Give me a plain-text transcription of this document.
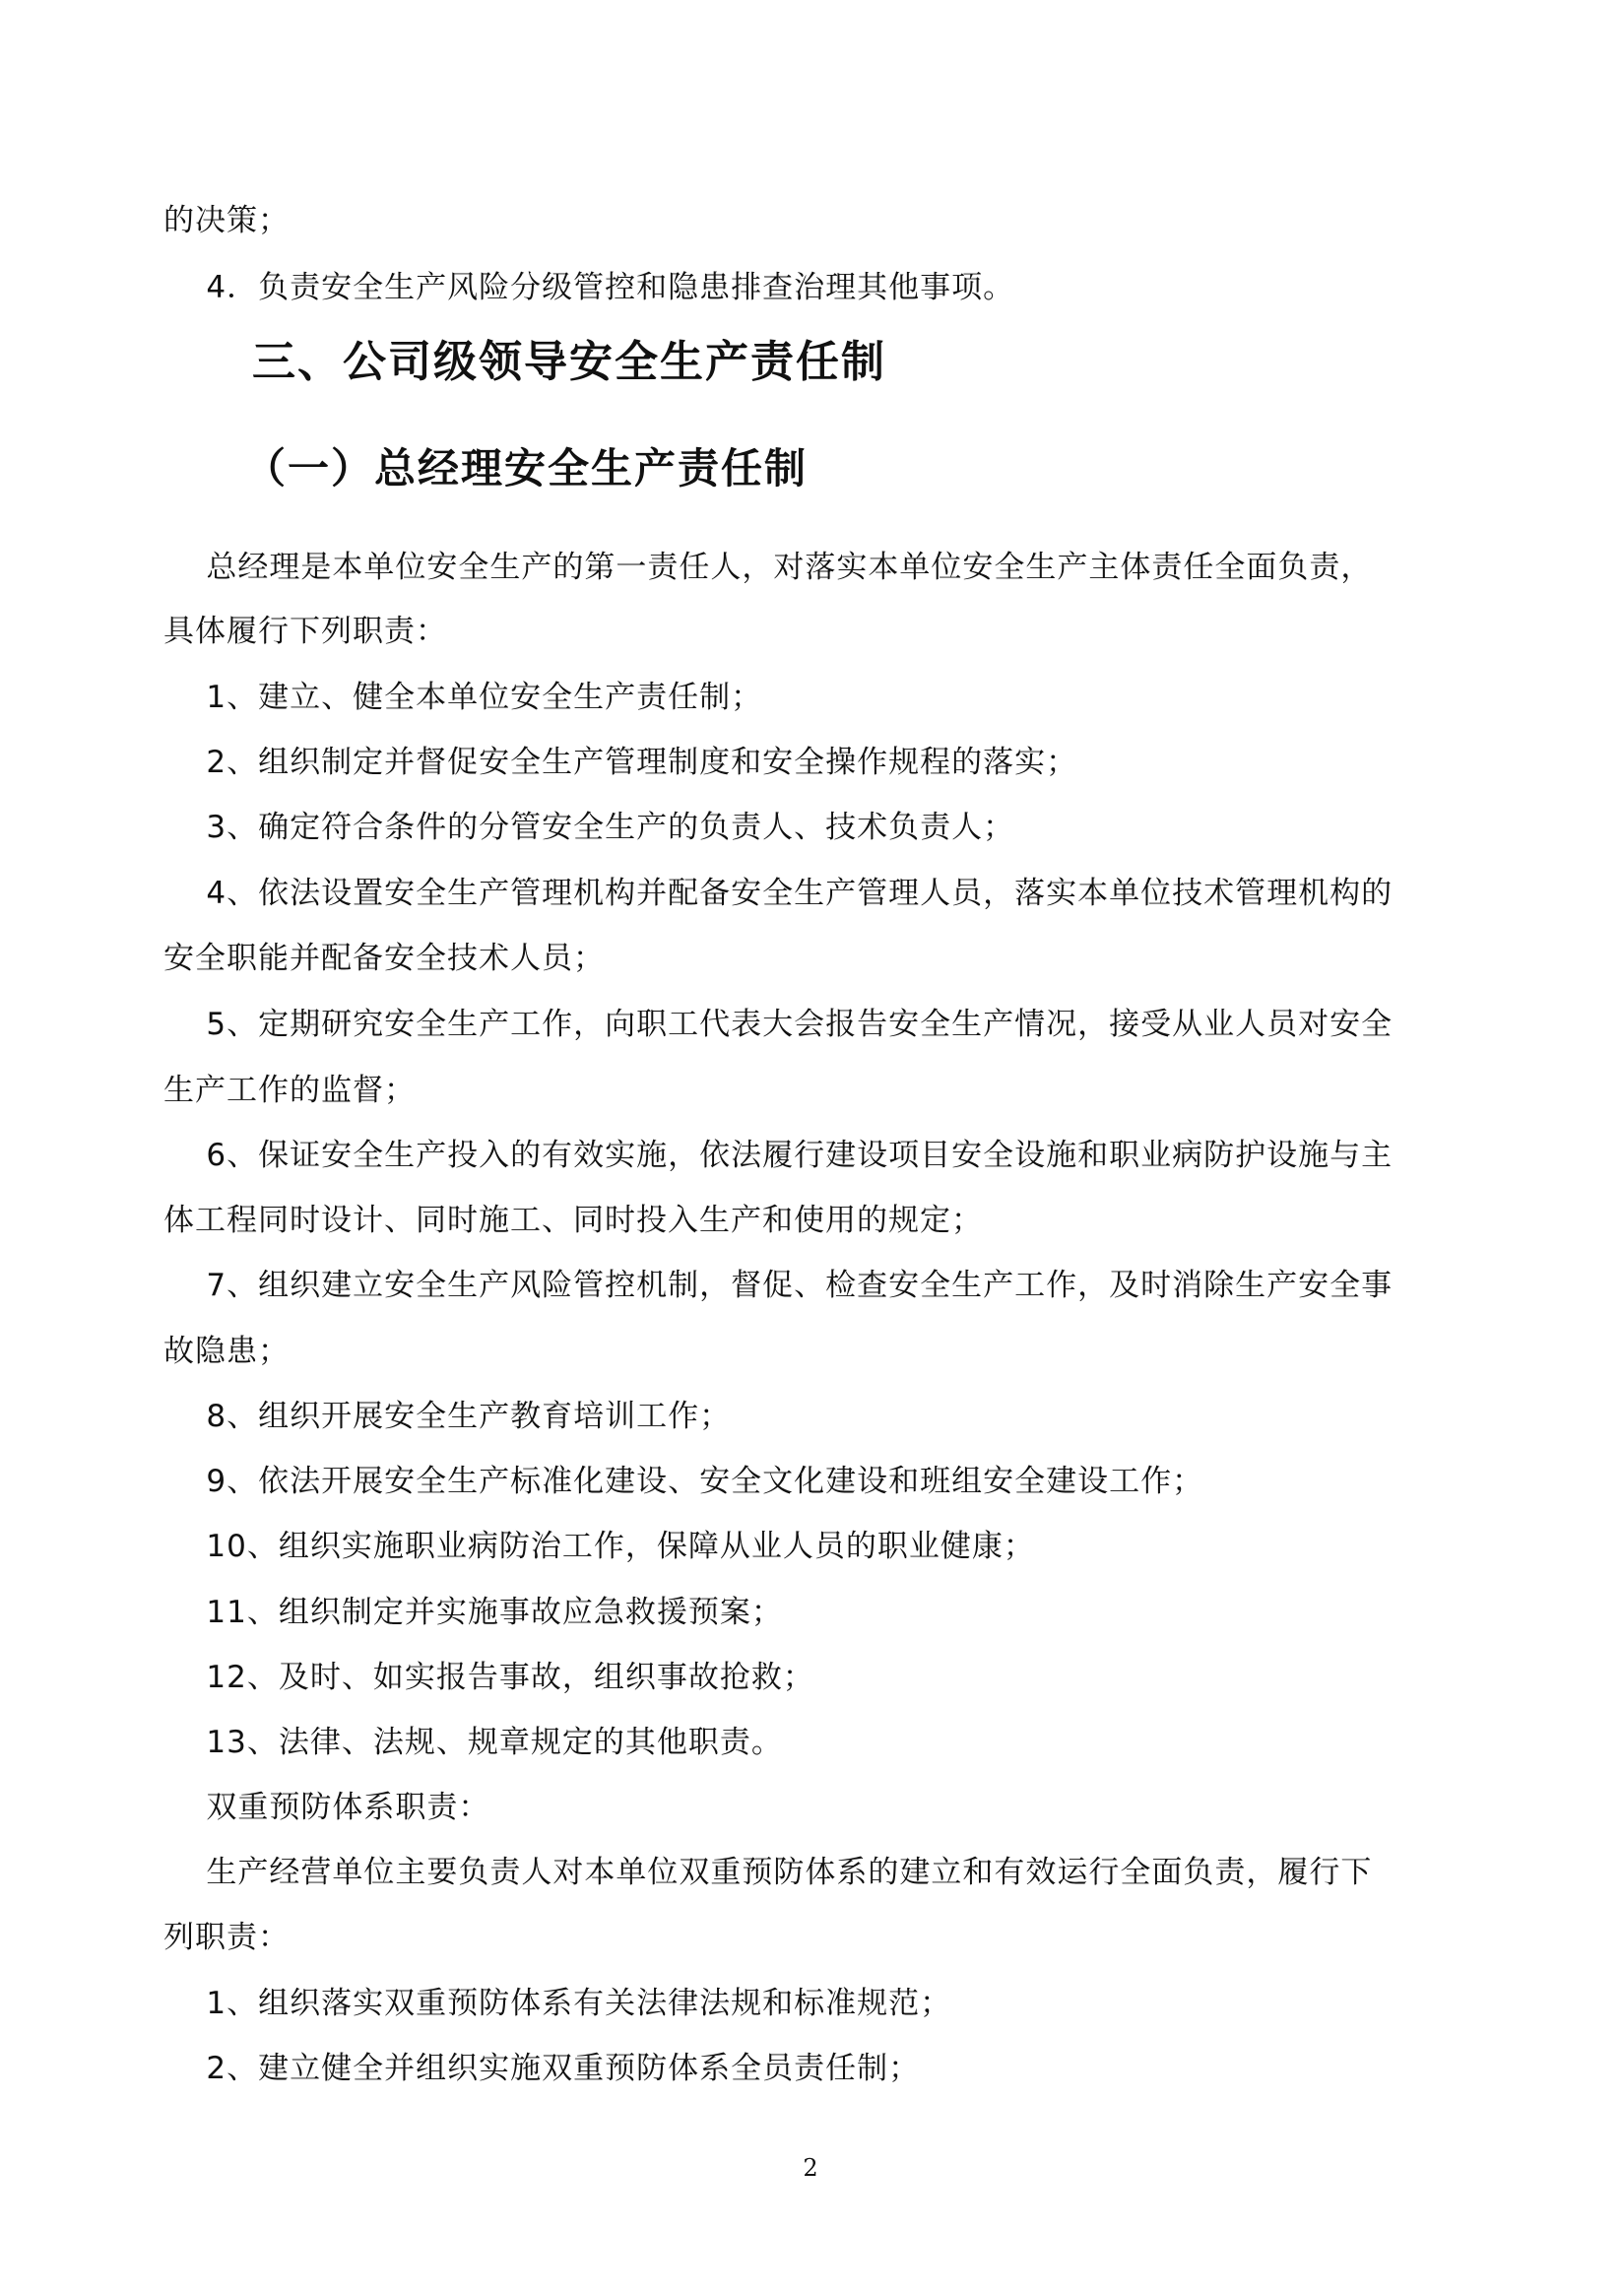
的决策；

4．负责安全生产风险分级管控和隐患排查治理其他事项。

三、公司级领导安全生产责任制
（一）总经理安全生产责任制

总经理是本单位安全生产的第一责任人，对落实本单位安全生产主体责任全面负责，

具体履行下列职责：

1、建立、健全本单位安全生产责任制；

2、组织制定并督促安全生产管理制度和安全操作规程的落实；

3、确定符合条件的分管安全生产的负责人、技术负责人；

4、依法设置安全生产管理机构并配备安全生产管理人员，落实本单位技术管理机构的

安全职能并配备安全技术人员；

5、定期研究安全生产工作，向职工代表大会报告安全生产情况，接受从业人员对安全

生产工作的监督；

6、保证安全生产投入的有效实施，依法履行建设项目安全设施和职业病防护设施与主

体工程同时设计、同时施工、同时投入生产和使用的规定；

7、组织建立安全生产风险管控机制，督促、检查安全生产工作，及时消除生产安全事

故隐患；

8、组织开展安全生产教育培训工作；

9、依法开展安全生产标准化建设、安全文化建设和班组安全建设工作；

10、组织实施职业病防治工作，保障从业人员的职业健康；

11、组织制定并实施事故应急救援预案；

12、及时、如实报告事故，组织事故抢救；

13、法律、法规、规章规定的其他职责。

双重预防体系职责：

生产经营单位主要负责人对本单位双重预防体系的建立和有效运行全面负责，履行下

列职责：

1、组织落实双重预防体系有关法律法规和标准规范；

2、建立健全并组织实施双重预防体系全员责任制；

2
